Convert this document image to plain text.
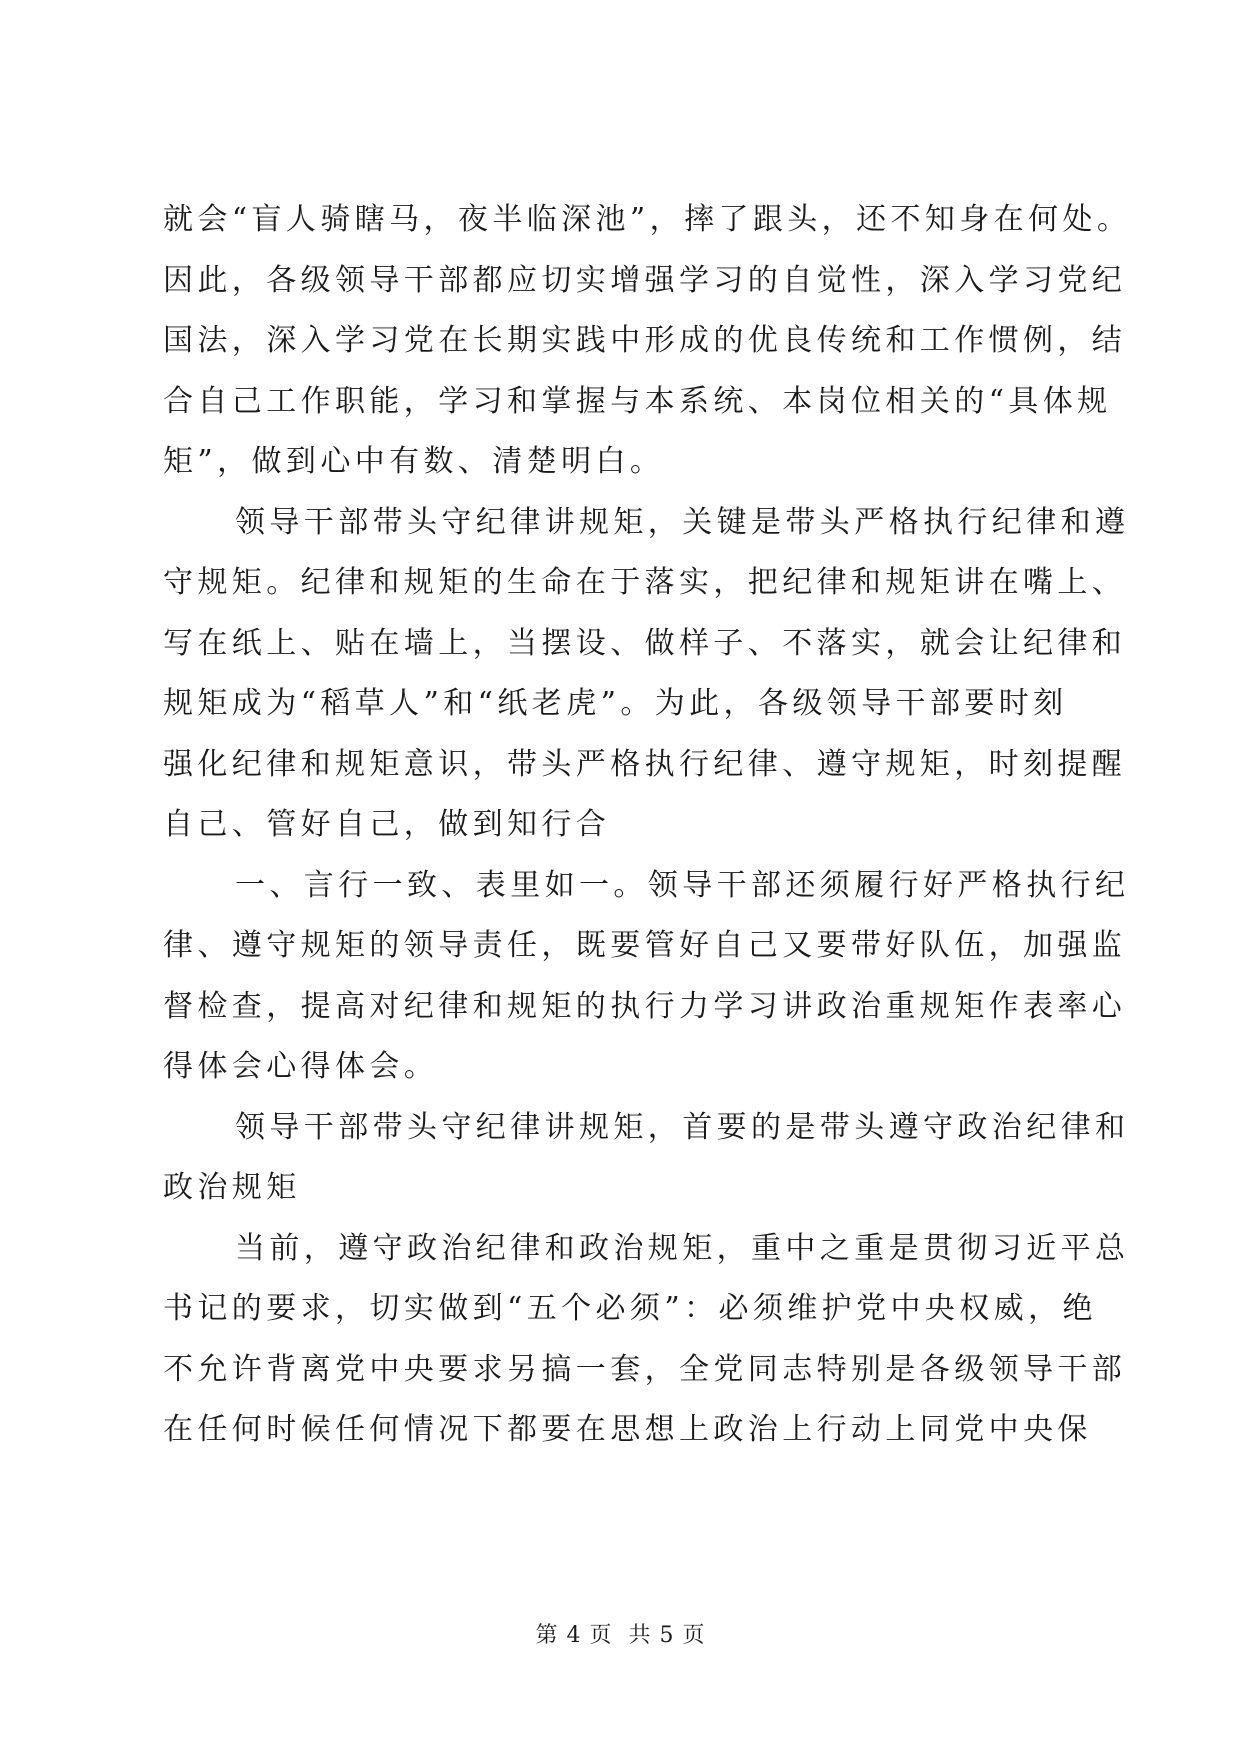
就会“盲人骑瞎马，夜半临深池”，摔了跟头，还不知身在何处。
因此，各级领导干部都应切实增强学习的自觉性，深入学习党纪
国法，深入学习党在长期实践中形成的优良传统和工作惯例，结
合自己工作职能，学习和掌握与本系统、本岗位相关的“具体规
矩”，做到心中有数、清楚明白。
领导干部带头守纪律讲规矩，关键是带头严格执行纪律和遵
守规矩。纪律和规矩的生命在于落实，把纪律和规矩讲在嘴上、
写在纸上、贴在墙上，当摆设、做样子、不落实，就会让纪律和
规矩成为“稻草人”和“纸老虎”。为此，各级领导干部要时刻
强化纪律和规矩意识，带头严格执行纪律、遵守规矩，时刻提醒
自己、管好自己，做到知行合
一、言行一致、表里如一。领导干部还须履行好严格执行纪
律、遵守规矩的领导责任，既要管好自己又要带好队伍，加强监
督检查，提高对纪律和规矩的执行力学习讲政治重规矩作表率心
得体会心得体会。
领导干部带头守纪律讲规矩，首要的是带头遵守政治纪律和
政治规矩
当前，遵守政治纪律和政治规矩，重中之重是贯彻习近平总
书记的要求，切实做到“五个必须”：必须维护党中央权威，绝
不允许背离党中央要求另搞一套，全党同志特别是各级领导干部
在任何时候任何情况下都要在思想上政治上行动上同党中央保
第 4 页  共 5 页
